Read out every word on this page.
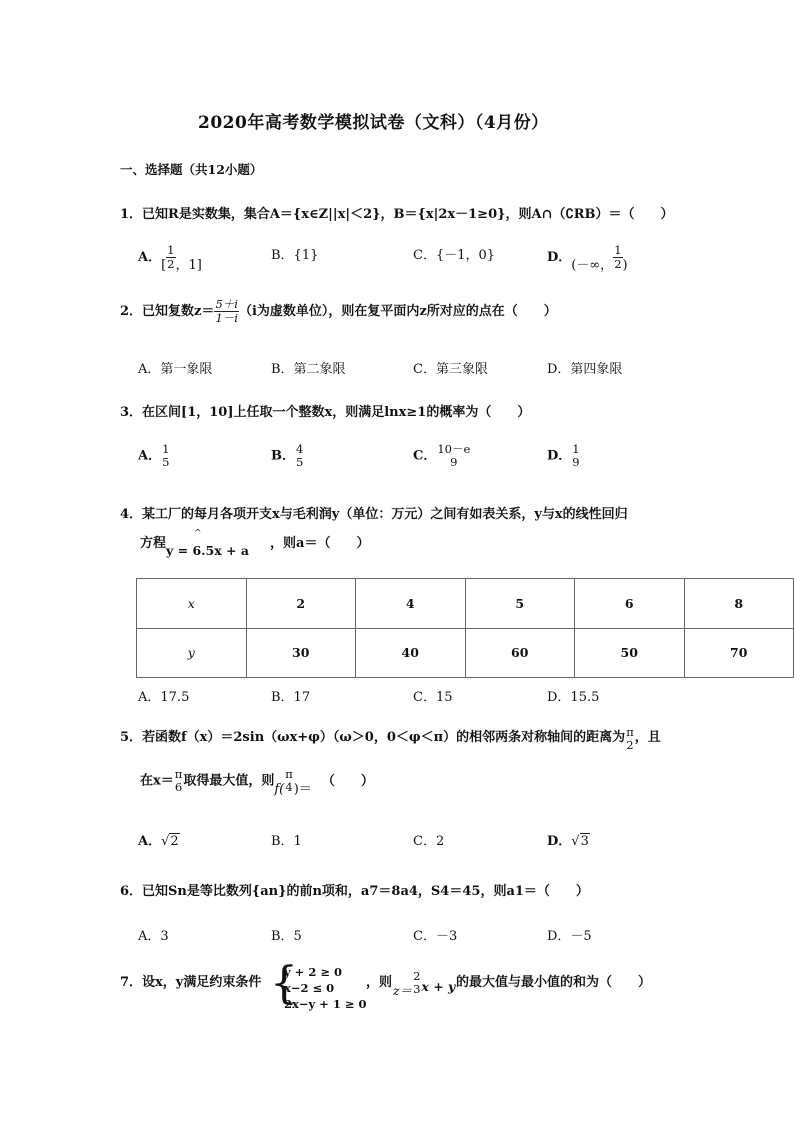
2020年高考数学模拟试卷（文科）（4月份）
一、选择题（共12小题）
1．已知R是实数集，集合A＝{x∈Z||x|＜2}，B＝{x|2x－1≥0}，则A∩（∁RB）＝（　　）
A．[ $\frac{1}{2}$ ，1]
B．{1}	C．{－1，0}	D．(－∞， $\frac{1}{2}$ )
2．已知复数$z= \frac{5+i}{1-i} (i$为虚数单位），则在复平面内z所对应的点在（　　）
A．第一象限	B．第二象限	C．第三象限	D．第四象限
3．在区间[1，10]上任取一个整数x，则满足lnx≥1的概率为（　　）
A． 1
5	B． 4
5	C． 10－e
9	D． 1
9
4．某工厂的每月各项开支x与毛利润y（单位：万元）之间有如表关系，y与x的线性回归
方程
^
y = 6.5x + a ，则a＝（　　）
x	2	4	5	6	8
y	30	40	60	50	70
A．17.5	B．17	C．15	D．15.5
5．若函数f（x）＝2sin（ωx+φ）（ω＞0，0＜φ＜π）的相邻两条对称轴间的距离为 π
2
，且
在x＝ π
6 取得最大值，则f(
π
4 )＝（　　）
A．√2	B．1	C．2	D．√3
6．已知Sn是等比数列{an}的前n项和，a7＝8a4，S4＝45，则a1＝（　　）
A．3	B．5	C．－3	D．－5
7．设x，y满足约束条件 {
y + 2 ≥ 0
x−2 ≤ 0
2x−y + 1 ≥ 0
，则
z＝
2
3 x + y 的最大值与最小值的和为（　　）
